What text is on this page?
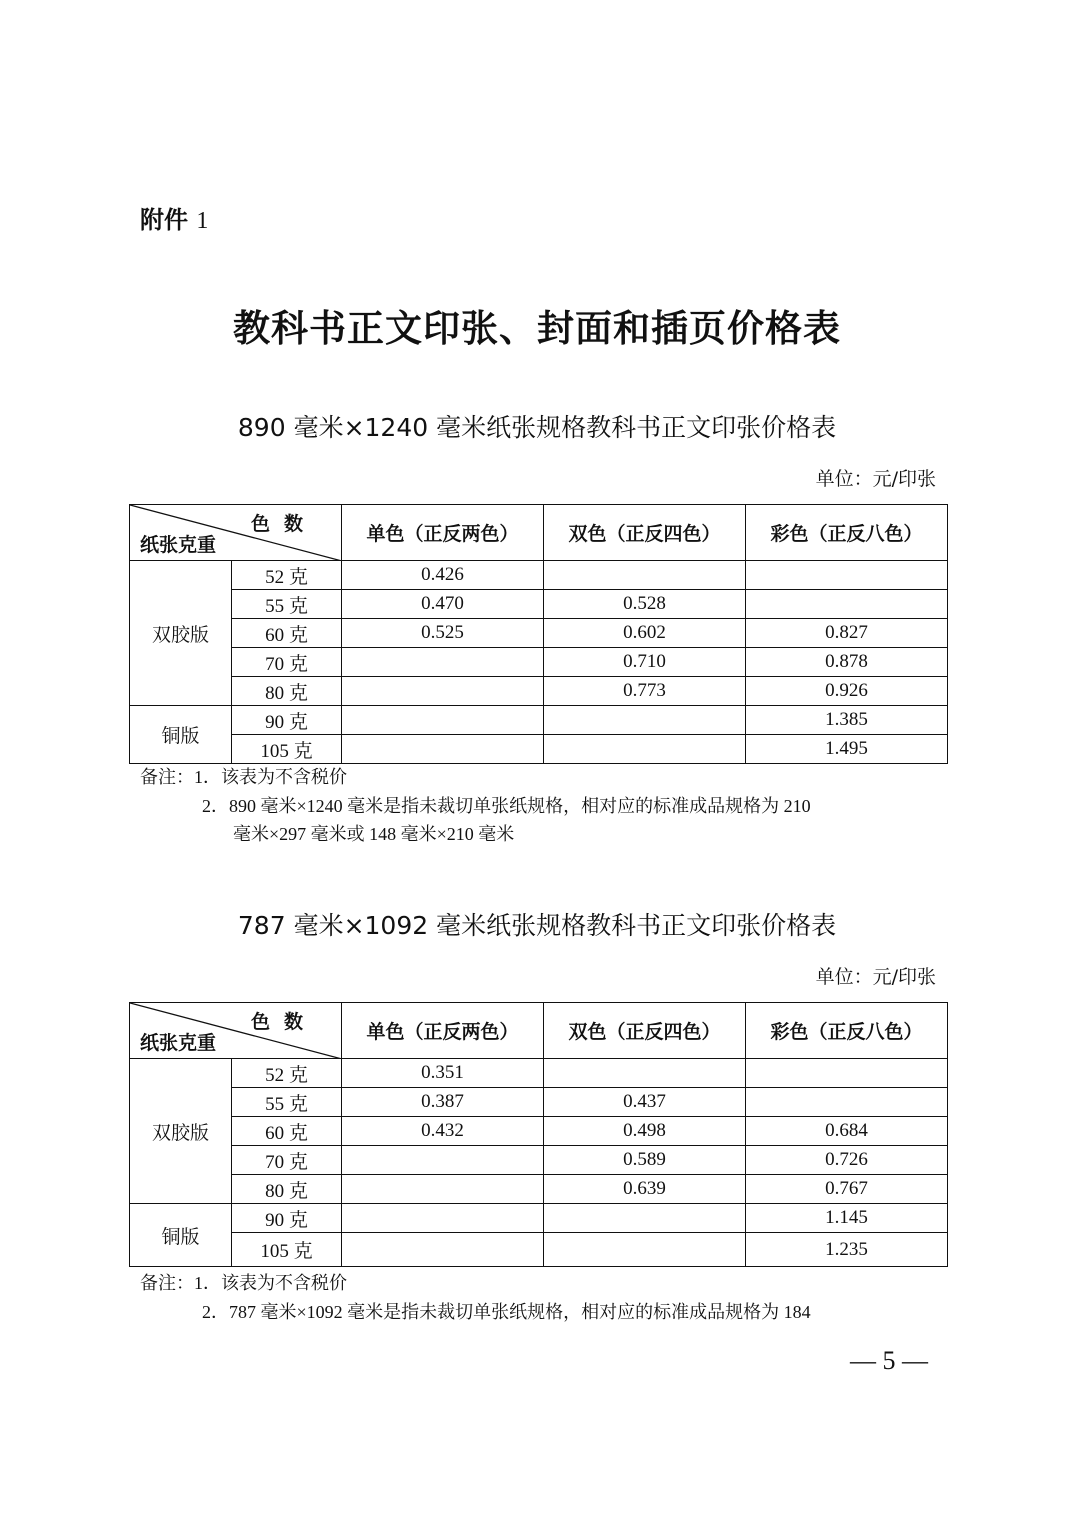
附件 1
教科书正文印张、封面和插页价格表
890 毫米×1240 毫米纸张规格教科书正文印张价格表
单位：元/印张
色数
纸张克重		单色（正反两色）	双色（正反四色）	彩色（正反八色）
双胶版	52 克	0.426		
	55 克	0.470	0.528	
	60 克	0.525	0.602	0.827
	70 克		0.710	0.878
	80 克		0.773	0.926
铜版	90 克			1.385
	105 克			1.495
备注：1．该表为不含税价
2．890 毫米×1240 毫米是指未裁切单张纸规格，相对应的标准成品规格为 210
毫米×297 毫米或 148 毫米×210 毫米
787 毫米×1092 毫米纸张规格教科书正文印张价格表
单位：元/印张
色数
纸张克重		单色（正反两色）	双色（正反四色）	彩色（正反八色）
双胶版	52 克	0.351		
	55 克	0.387	0.437	
	60 克	0.432	0.498	0.684
	70 克		0.589	0.726
	80 克		0.639	0.767
铜版	90 克			1.145
	105 克			1.235
备注：1．该表为不含税价
2．787 毫米×1092 毫米是指未裁切单张纸规格，相对应的标准成品规格为 184
— 5 —
